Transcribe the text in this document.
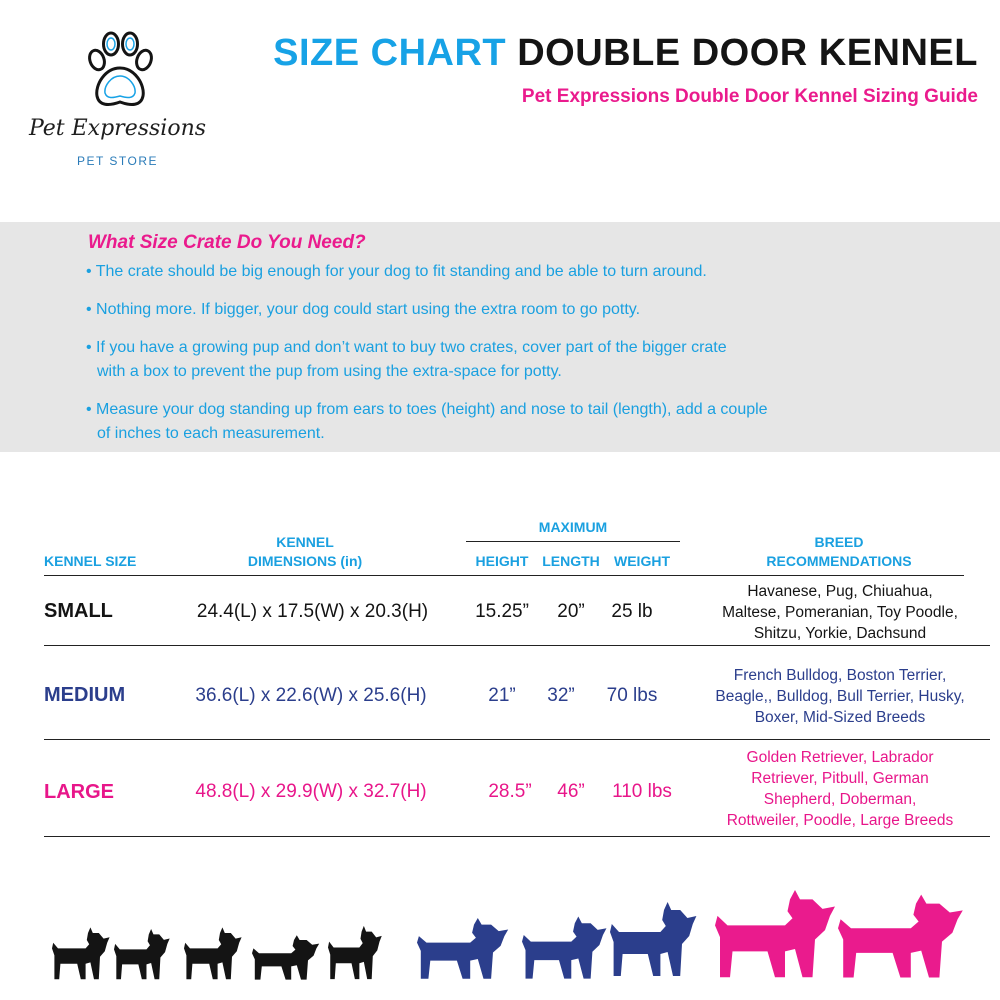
Pet Expressions
PET STORE
SIZE CHART DOUBLE DOOR KENNEL
Pet Expressions Double Door Kennel Sizing Guide
What Size Crate Do You Need?
• The crate should be big enough for your dog to fit standing and be able to turn around.
• Nothing more. If bigger, your dog could start using the extra room to go potty.
• If you have a growing pup and don’t want to buy two crates, cover part of the bigger crate
with a box to prevent the pup from using the extra-space for potty.
• Measure your dog standing up from ears to toes (height) and nose to tail (length), add a couple
of inches to each measurement.
KENNEL SIZE
KENNEL
DIMENSIONS (in)
MAXIMUM
HEIGHT LENGTH	WEIGHT
BREED
RECOMMENDATIONS
SMALL	24.4(L) x 17.5(W) x 20.3(H)	15.25”	20”	25 lb
Havanese, Pug, Chiuahua,
Maltese, Pomeranian, Toy Poodle,
Shitzu, Yorkie, Dachsund
MEDIUM	36.6(L) x 22.6(W) x 25.6(H)	21”	32”	70 lbs
French Bulldog, Boston Terrier,
Beagle,, Bulldog, Bull Terrier, Husky,
Boxer, Mid-Sized Breeds
LARGE	48.8(L) x 29.9(W) x 32.7(H)	28.5”	46”	110 lbs
Golden Retriever, Labrador
Retriever, Pitbull, German
Shepherd, Doberman,
Rottweiler, Poodle, Large Breeds
